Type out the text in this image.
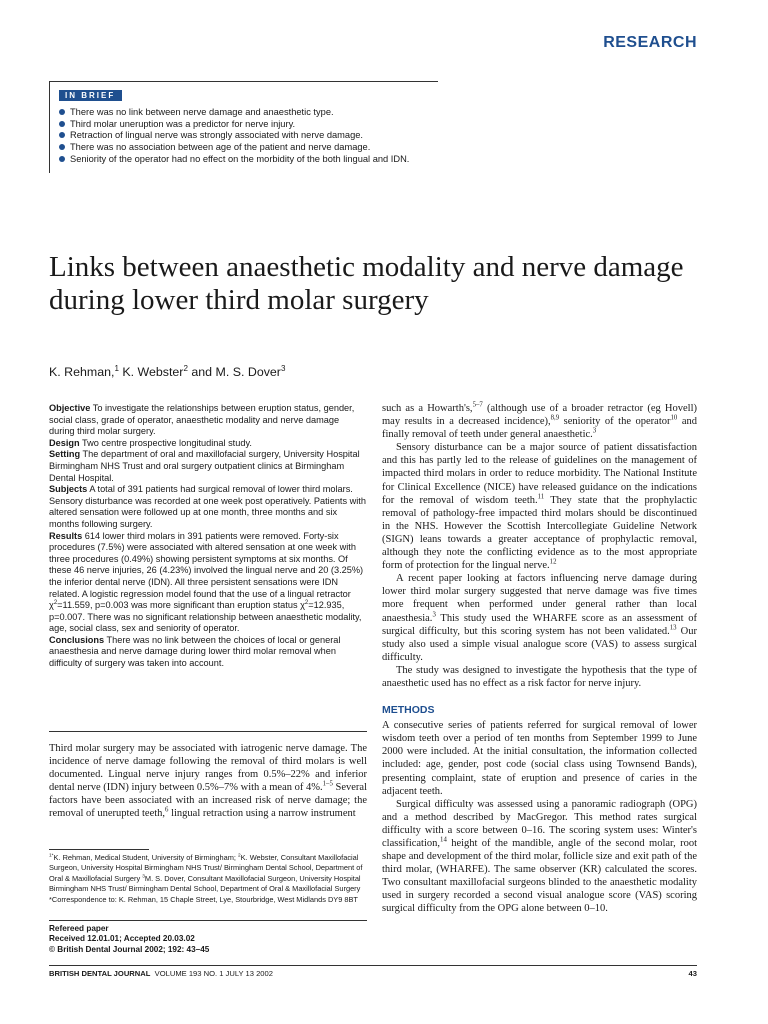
RESEARCH
IN BRIEF
There was no link between nerve damage and anaesthetic type.
Third molar uneruption was a predictor for nerve injury.
Retraction of lingual nerve was strongly associated with nerve damage.
There was no association between age of the patient and nerve damage.
Seniority of the operator had no effect on the morbidity of the both lingual and IDN.
Links between anaesthetic modality and nerve damage during lower third molar surgery
K. Rehman,$^1$ K. Webster$^2$ and M. S. Dover$^3$

Objective To investigate the relationships between eruption status, gender, social class, grade of operator, anaesthetic modality and nerve damage during third molar surgery.

Design Two centre prospective longitudinal study.

Setting The department of oral and maxillofacial surgery, University Hospital Birmingham NHS Trust and oral surgery outpatient clinics at Birmingham Dental Hospital.

Subjects A total of 391 patients had surgical removal of lower third molars. Sensory disturbance was recorded at one week post operatively. Patients with altered sensation were followed up at one month, three months and six months following surgery.

Results 614 lower third molars in 391 patients were removed. Forty-six procedures (7.5%) were associated with altered sensation at one week with three procedures (0.49%) showing persistent symptoms at six months. Of these 46 nerve injuries, 26 (4.23%) involved the lingual nerve and 20 (3.25%) the inferior dental nerve (IDN). All three persistent sensations were IDN related. A logistic regression model found that the use of a lingual retractor $\chi^2=11.559$, p=0.003 was more significant than eruption status $\chi^2=12.935$, p=0.007. There was no significant relationship between anaesthetic modality, age, social class, sex and seniority of operator.

Conclusions There was no link between the choices of local or general anaesthesia and nerve damage during lower third molar removal when difficulty of surgery was taken into account.

Third molar surgery may be associated with iatrogenic nerve damage. The incidence of nerve damage following the removal of third molars is well documented. Lingual nerve injury ranges from 0.5%–22% and inferior dental nerve (IDN) injury between 0.5%–7% with a mean of 4%.$^{1-5}$ Several factors have been associated with an increased risk of nerve damage; the removal of unerupted teeth,$^6$ lingual retraction using a narrow instrument

$^{1*}$K. Rehman, Medical Student, University of Birmingham; $^2$K. Webster, Consultant Maxillofacial Surgeon, University Hospital Birmingham NHS Trust/ Birmingham Dental School, Department of Oral & Maxillofacial Surgery $^3$M. S. Dover, Consultant Maxillofacial Surgeon, University Hospital Birmingham NHS Trust/ Birmingham Dental School, Department of Oral & Maxillofacial Surgery

*Correspondence to: K. Rehman, 15 Chaple Street, Lye, Stourbridge, West Midlands DY9 8BT

Refereed paper

Received 12.01.01; Accepted 20.03.02

© British Dental Journal 2002; 192: 43–45

such as a Howarth's,$^{5-7}$ (although use of a broader retractor (eg Hovell) may results in a decreased incidence),$^{8,9}$ seniority of the operator$^{10}$ and finally removal of teeth under general anaesthetic.$^3$

Sensory disturbance can be a major source of patient dissatisfaction and this has partly led to the release of guidelines on the management of impacted third molars in order to reduce morbidity. The National Institute for Clinical Excellence (NICE) have released guidance on the indications for the removal of wisdom teeth.$^{11}$ They state that the prophylactic removal of pathology-free impacted third molars should be discontinued in the NHS. However the Scottish Intercollegiate Guideline Network (SIGN) leans towards a greater acceptance of prophylactic removal, although they note the conflicting evidence as to the most appropriate form of protection for the lingual nerve.$^{12}$

A recent paper looking at factors influencing nerve damage during lower third molar surgery suggested that nerve damage was five times more frequent when performed under general rather than local anaesthesia.$^3$ This study used the WHARFE score as an assessment of surgical difficulty, but this scoring system has not been validated.$^{13}$ Our study also used a simple visual analogue score (VAS) to assess surgical difficulty.

The study was designed to investigate the hypothesis that the type of anaesthetic used has no effect as a risk factor for nerve injury.

METHODS

A consecutive series of patients referred for surgical removal of lower wisdom teeth over a period of ten months from September 1999 to June 2000 were included. At the initial consultation, the information collected included: age, gender, post code (social class using Townsend Bands), presenting complaint, state of eruption and presence of caries in the adjacent teeth.

Surgical difficulty was assessed using a panoramic radiograph (OPG) and a method described by MacGregor. This method rates surgical difficulty with a score between 0–16. The scoring system uses: Winter's classification,$^{14}$ height of the mandible, angle of the second molar, root shape and development of the third molar, follicle size and exit path of the third molar, (WHARFE). The same observer (KR) calculated the scores. Two consultant maxillofacial surgeons blinded to the anaesthetic modality used in surgery recorded a second visual analogue score (VAS) scoring surgical difficulty from the OPG alone between 0–10.

BRITISH DENTAL JOURNAL VOLUME 193 NO. 1 JULY 13 2002	43
